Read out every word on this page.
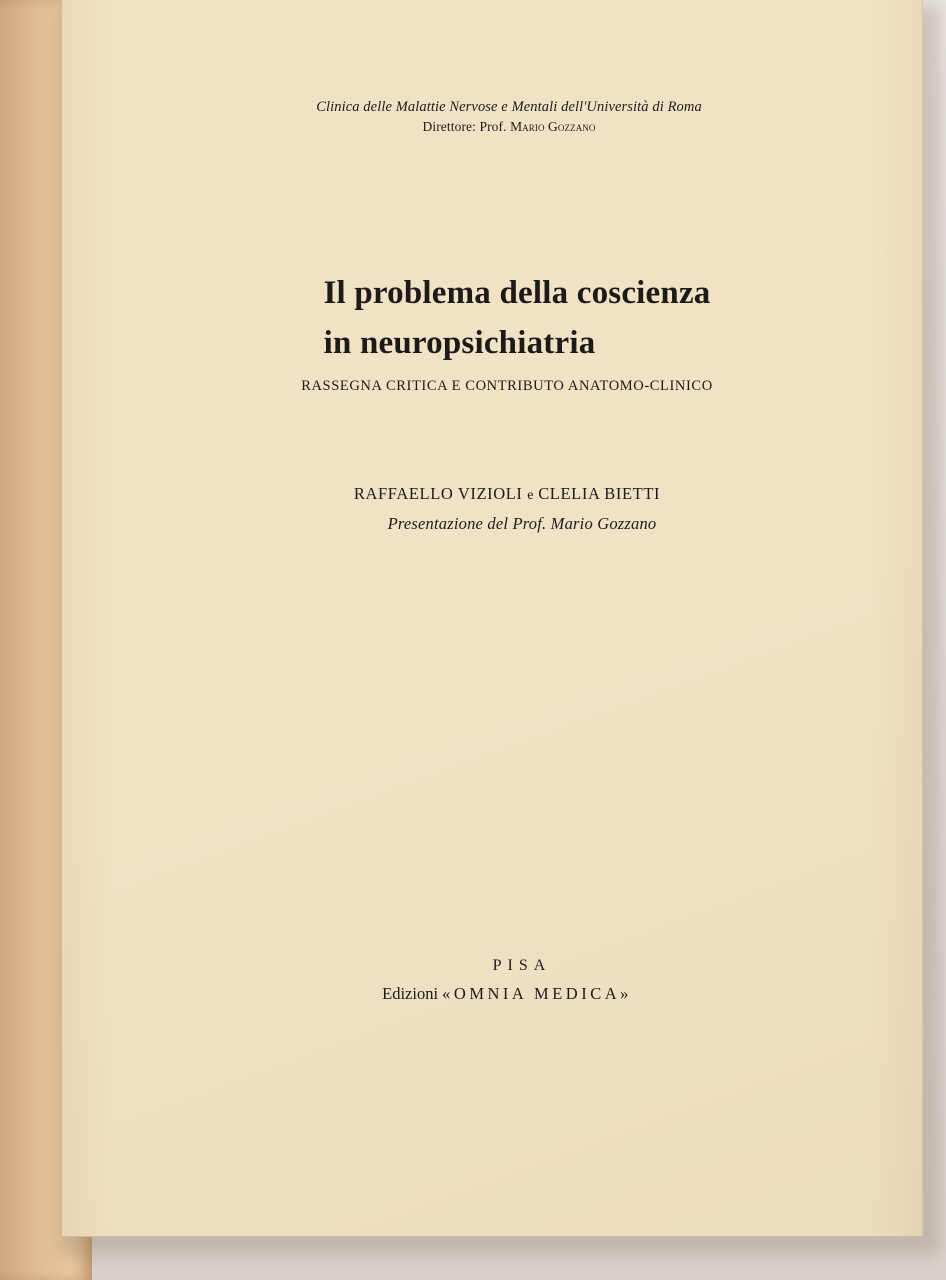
Clinica delle Malattie Nervose e Mentali dell'Università di Roma
Direttore: Prof. Mario Gozzano
Il problema della coscienza
in neuropsichiatria
RASSEGNA CRITICA E CONTRIBUTO ANATOMO-CLINICO
RAFFAELLO VIZIOLI e CLELIA BIETTI
Presentazione del Prof. Mario Gozzano
PISA
Edizioni «OMNIA MEDICA»
